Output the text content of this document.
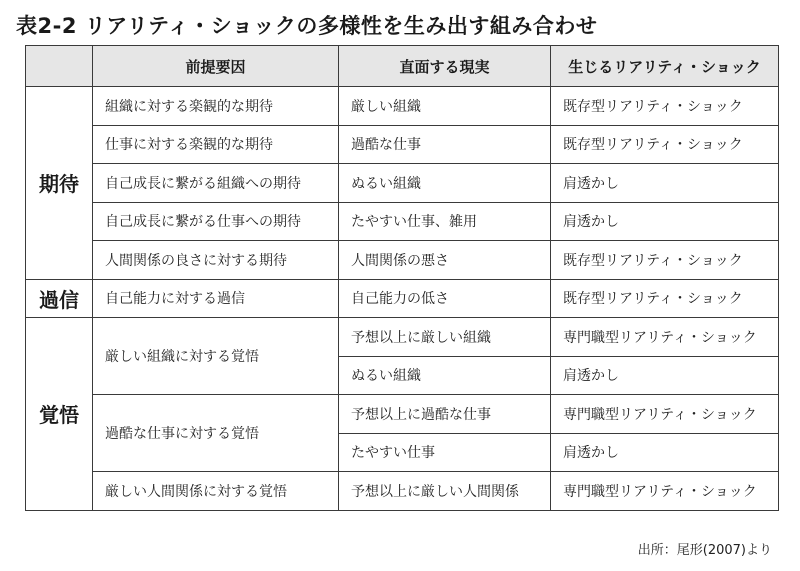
表2-2 リアリティ・ショックの多様性を生み出す組み合わせ
	前提要因	直面する現実	生じるリアリティ・ショック
期待	組織に対する楽観的な期待	厳しい組織	既存型リアリティ・ショック
	仕事に対する楽観的な期待	過酷な仕事	既存型リアリティ・ショック
	自己成長に繋がる組織への期待	ぬるい組織	肩透かし
	自己成長に繋がる仕事への期待	たやすい仕事、雑用	肩透かし
	人間関係の良さに対する期待	人間関係の悪さ	既存型リアリティ・ショック
過信	自己能力に対する過信	自己能力の低さ	既存型リアリティ・ショック
覚悟	厳しい組織に対する覚悟	予想以上に厳しい組織	専門職型リアリティ・ショック
		ぬるい組織	肩透かし
	過酷な仕事に対する覚悟	予想以上に過酷な仕事	専門職型リアリティ・ショック
		たやすい仕事	肩透かし
	厳しい人間関係に対する覚悟	予想以上に厳しい人間関係	専門職型リアリティ・ショック
出所：尾形(2007)より
